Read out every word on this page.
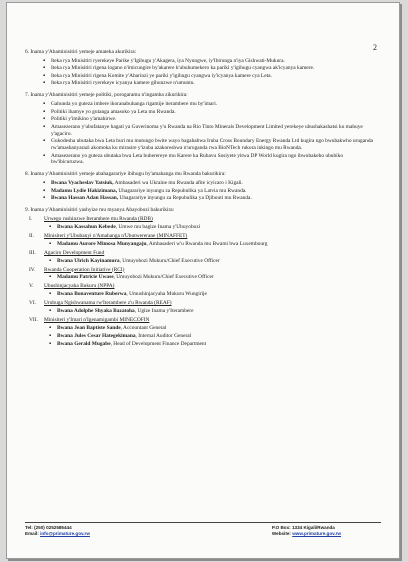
2
6. Inama y'Abaminisitiri yemeje amateka akurikira:
▪ Iteka rya Minisitiri ryerekeye Parike y'Igihugu y'Akagera, iya Nyungwe, iy'Ibirunga n'iya Gishwati-Mukura.
▪ Iteka rya Minisitiri rigena logano n'imicungire by'akarere k'ubuhumekero ka pariki y'igihugu cyangwa ak'icyanya kamere.
▪ Iteka rya Minisitiri rigena Komite y'Abarinzi ye pariki y'igihugu cyangwa iy'icyanya kamere cya Leta.
▪ Iteka rya Minisitiri ryerekeye icyanya kamere gihunzwe n'umuntu.
7. Inama y'Abaminisitiri yemeje politiki, porogaramu n'ingamba zikurikira:
▪ Gahunda yo guteza imbere ikoranabuhanga rigamije iterambere mu by'imari.
▪ Politiki ihamye yo gutanga amasoko ya Leta mu Rwanda.
▪ Politiki y'imikino y'amahirwe.
▪ Amasezerano y'ubufatanye hagati ya Guverinoma y'u Rwanda na Rio Tinto Minerals Development Limited yerekeye ubushakashatsi ku mabuye y'agaciro.
▪ Gukodesha ubutaka bwa Leta buri mu mutungo bwite wayo bagahabwa Iruba Cross Boundary Energy Rwanda Ltd kugira ngo bwubakwho uruganda rw'amashanyarazi akomoka ku mirasire y'izuba azakoreshwa n'uruganda rwa BioNTech rukora inkingo mu Rwanda.
▪ Amasezerano yo guteza ubutaka bwa Leta buherereye mu Karere ka Rubavu Sosiyete yitwa DP World kugira ngo ibwubakeho ububiko bw'ibicuruzwa.
8. Inama y'Abaminisitiri yemeje abahagarariye ibihugu by'amahanga mu Rwanda bakurikira:
▪ Bwana Vyacheslav Yatsiuk, Ambasaderi wa Ukraine mu Rwanda afite icyicaro i Kigali.
▪ Madamu Lydie Hakizimana, Uhagarariye inyungu za Repubulika ya Latvia mu Rwanda.
▪ Bwana Hassan Adan Hassan, Uhagarariye inyungu za Repubulika ya Djibouti mu Rwanda.
9. Inama y'Abaminisitiri yashyize mu myanya Abayobozi bakurikira:
I. Urwego rushinzwe Iterambere mu Rwanda (RDB)
▪ Bwana Kassahun Kebede, Umwe mu bagize Inama y'Ubuyobozi
II. Minisiteri y'Ububanyi n'Amahanga n'Ubutwererane (MINAFFET)
▪ Madamu Aurore Mimosa Munyangaju, Ambasaderi w'u Rwanda mu Bwami bwa Luxembourg
III. Agaciro Development Fund
▪ Bwana Ulrich Kayinamura, Umuyobozi Mukuru/Chief Executive Officer
IV. Rwanda Cooperation Initiative (RCI)
▪ Madamu Patricie Uwase, Umuyobozi Mukuru/Chief Executive Officer
V. Ubushinjacyaha Bukuru (NPPA)
▪ Bwana Bonaventure Ruberwa, Umushinjacyaha Mukuru Wungirije
VI. Urubuga Ngishwanama rw'Iterambere z'u Rwanda (REAF)
▪ Bwana Adolphe Shyaka Bazatoha, Ugize Inama y'Iterambere
VII. Minisiteri y'Imari n'Igenamigambi MINECOFIN
▪ Bwana Jean Baptiste Sande, Accountant General
▪ Bwana Jules Cesar Hategekimana, Internal Auditor General
▪ Bwana Gerald Mugabe, Head of Development Finance Department
Tel: (250) 0252585444
Email: info@primature.gov.rw
P.O Box: 1334 Kigali/Rwanda
Website: www.primature.gov.rw
